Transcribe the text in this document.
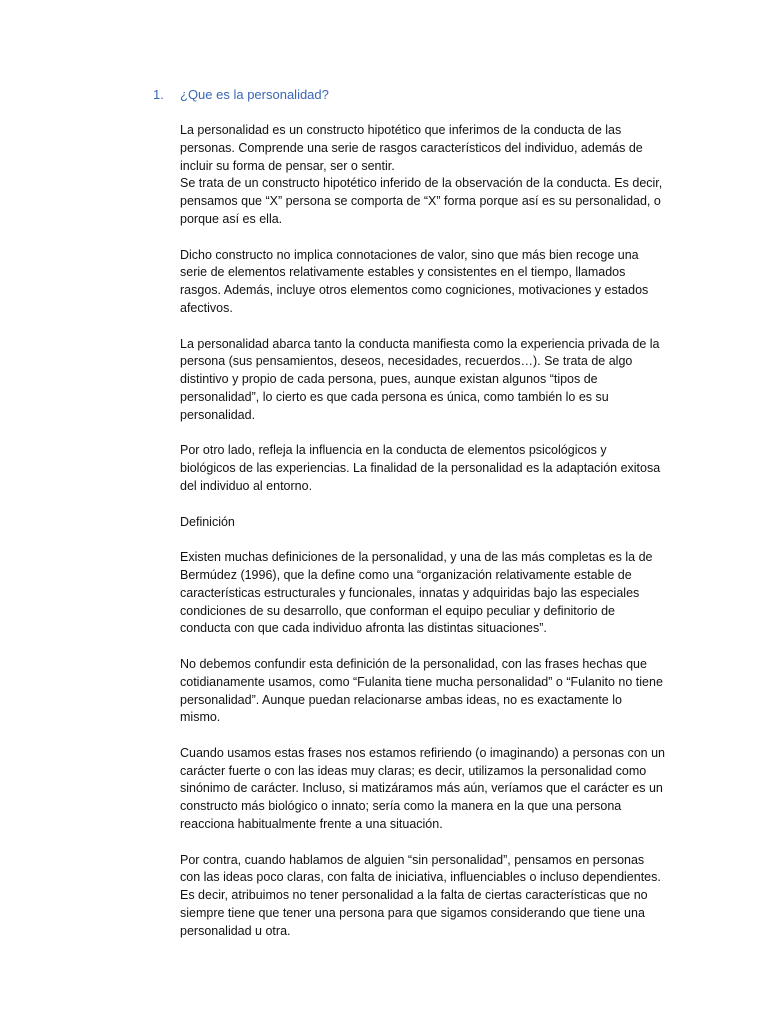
1. ¿Que es la personalidad?

La personalidad es un constructo hipotético que inferimos de la conducta de las personas. Comprende una serie de rasgos característicos del individuo, además de incluir su forma de pensar, ser o sentir.

Se trata de un constructo hipotético inferido de la observación de la conducta. Es decir, pensamos que “X” persona se comporta de “X” forma porque así es su personalidad, o porque así es ella.

Dicho constructo no implica connotaciones de valor, sino que más bien recoge una serie de elementos relativamente estables y consistentes en el tiempo, llamados rasgos. Además, incluye otros elementos como cogniciones, motivaciones y estados afectivos.

La personalidad abarca tanto la conducta manifiesta como la experiencia privada de la persona (sus pensamientos, deseos, necesidades, recuerdos…). Se trata de algo distintivo y propio de cada persona, pues, aunque existan algunos “tipos de personalidad”, lo cierto es que cada persona es única, como también lo es su personalidad.

Por otro lado, refleja la influencia en la conducta de elementos psicológicos y biológicos de las experiencias. La finalidad de la personalidad es la adaptación exitosa del individuo al entorno.

Definición

Existen muchas definiciones de la personalidad, y una de las más completas es la de Bermúdez (1996), que la define como una “organización relativamente estable de características estructurales y funcionales, innatas y adquiridas bajo las especiales condiciones de su desarrollo, que conforman el equipo peculiar y definitorio de conducta con que cada individuo afronta las distintas situaciones”.

No debemos confundir esta definición de la personalidad, con las frases hechas que cotidianamente usamos, como “Fulanita tiene mucha personalidad” o “Fulanito no tiene personalidad”. Aunque puedan relacionarse ambas ideas, no es exactamente lo mismo.

Cuando usamos estas frases nos estamos refiriendo (o imaginando) a personas con un carácter fuerte o con las ideas muy claras; es decir, utilizamos la personalidad como sinónimo de carácter. Incluso, si matizáramos más aún, veríamos que el carácter es un constructo más biológico o innato; sería como la manera en la que una persona reacciona habitualmente frente a una situación.

Por contra, cuando hablamos de alguien “sin personalidad”, pensamos en personas con las ideas poco claras, con falta de iniciativa, influenciables o incluso dependientes. Es decir, atribuimos no tener personalidad a la falta de ciertas características que no siempre tiene que tener una persona para que sigamos considerando que tiene una personalidad u otra.
